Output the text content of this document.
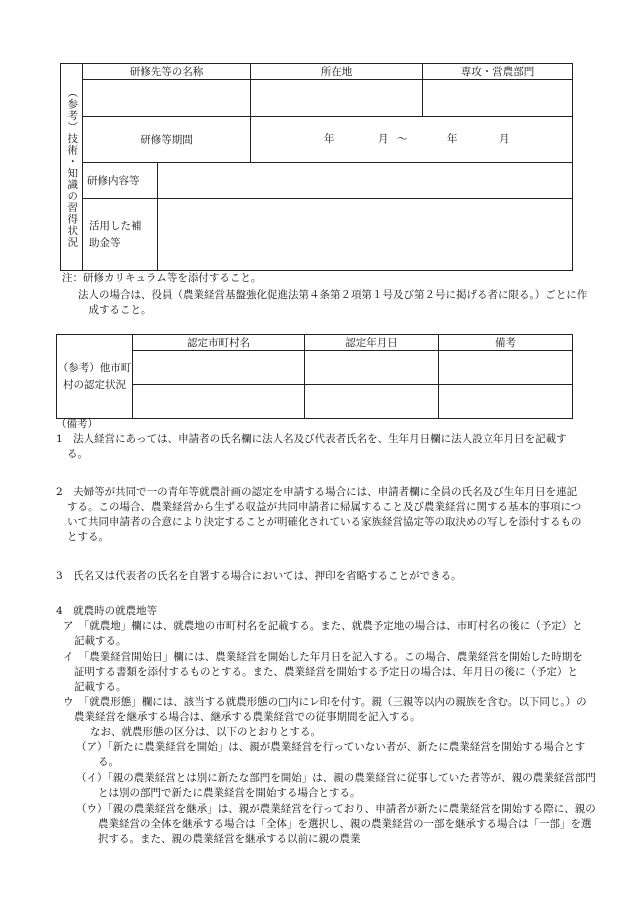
（参考）技術・知識の習得状況	研修先等の名称		所在地	専攻・営農部門

	研修等期間		年 月 ～ 年 月	

	研修内容等			
	活用した補助金等			
注：研修カリキュラム等を添付すること。
法人の場合は、役員（農業経営基盤強化促進法第４条第２項第１号及び第２号に掲げる者に限る。）ごとに作成すること。
（参考）他市町村の認定状況	認定市町村名	認定年月日	備考

（備考）
1　法人経営にあっては、申請者の氏名欄に法人名及び代表者氏名を、生年月日欄に法人設立年月日を記載する。
2　夫婦等が共同で一の青年等就農計画の認定を申請する場合には、申請者欄に全員の氏名及び生年月日を連記する。この場合、農業経営から生ずる収益が共同申請者に帰属すること及び農業経営に関する基本的事項について共同申請者の合意により決定することが明確化されている家族経営協定等の取決めの写しを添付するものとする。
3　氏名又は代表者の氏名を自署する場合においては、押印を省略することができる。
4　就農時の就農地等
ア　「就農地」欄には、就農地の市町村名を記載する。また、就農予定地の場合は、市町村名の後に（予定）と記載する。
イ　「農業経営開始日」欄には、農業経営を開始した年月日を記入する。この場合、農業経営を開始した時期を証明する書類を添付するものとする。また、農業経営を開始する予定日の場合は、年月日の後に（予定）と記載する。
ウ　「就農形態」欄には、該当する就農形態の□内にレ印を付す。親（三親等以内の親族を含む。以下同じ。）の農業経営を継承する場合は、継承する農業経営での従事期間を記入する。
なお、就農形態の区分は、以下のとおりとする。
（ア）「新たに農業経営を開始」は、親が農業経営を行っていない者が、新たに農業経営を開始する場合とする。
（イ）「親の農業経営とは別に新たな部門を開始」は、親の農業経営に従事していた者等が、親の農業経営部門とは別の部門で新たに農業経営を開始する場合とする。
（ウ）「親の農業経営を継承」は、親が農業経営を行っており、申請者が新たに農業経営を開始する際に、親の農業経営の全体を継承する場合は「全体」を選択し、親の農業経営の一部を継承する場合は「一部」を選択する。また、親の農業経営を継承する以前に親の農業
